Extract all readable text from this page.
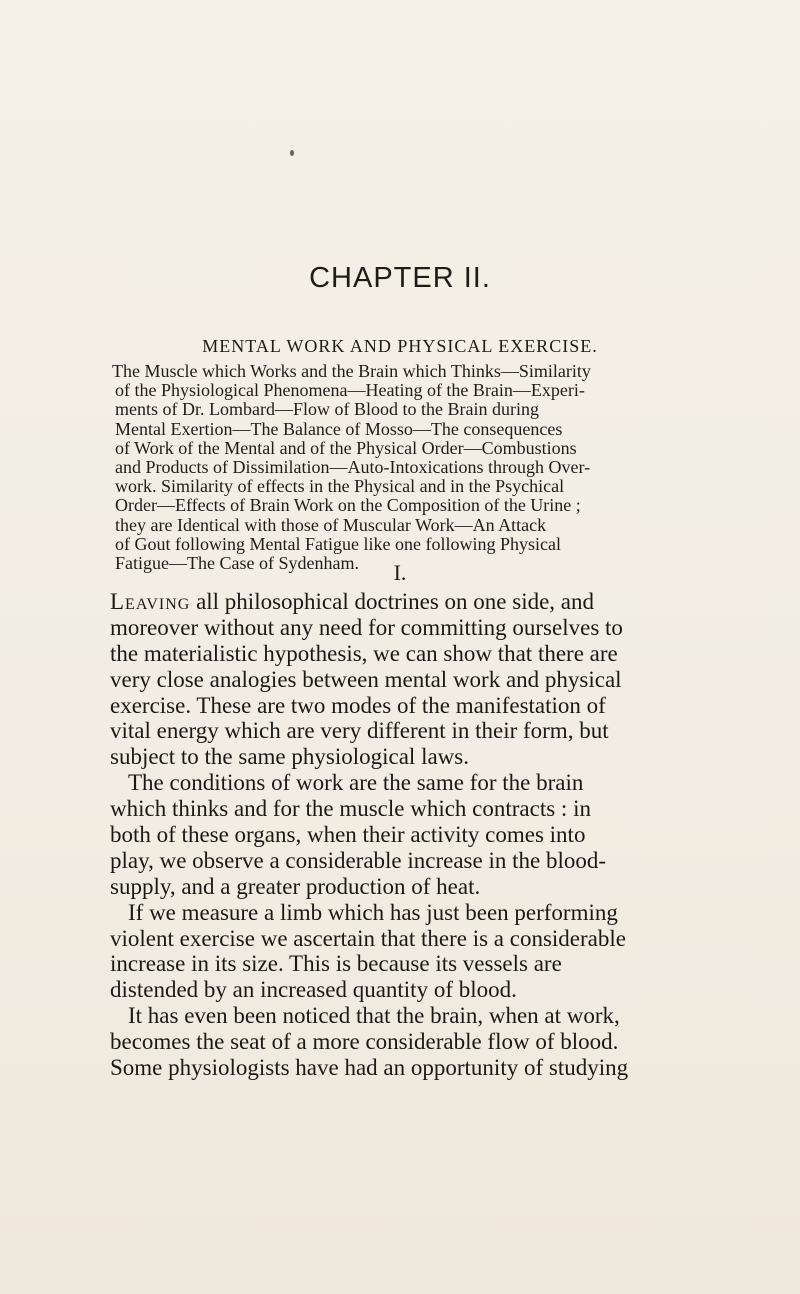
CHAPTER II.
MENTAL WORK AND PHYSICAL EXERCISE.
The Muscle which Works and the Brain which Thinks—Similarity
of the Physiological Phenomena—Heating of the Brain—Experi-
ments of Dr. Lombard—Flow of Blood to the Brain during
Mental Exertion—The Balance of Mosso—The consequences
of Work of the Mental and of the Physical Order—Combustions
and Products of Dissimilation—Auto-Intoxications through Over-
work. Similarity of effects in the Physical and in the Psychical
Order—Effects of Brain Work on the Composition of the Urine ;
they are Identical with those of Muscular Work—An Attack
of Gout following Mental Fatigue like one following Physical
Fatigue—The Case of Sydenham.	I.
Leaving all philosophical doctrines on one side, and
moreover without any need for committing ourselves to
the materialistic hypothesis, we can show that there are
very close analogies between mental work and physical
exercise. These are two modes of the manifestation of
vital energy which are very different in their form, but
subject to the same physiological laws.
The conditions of work are the same for the brain
which thinks and for the muscle which contracts : in
both of these organs, when their activity comes into
play, we observe a considerable increase in the blood-
supply, and a greater production of heat.
If we measure a limb which has just been performing
violent exercise we ascertain that there is a considerable
increase in its size. This is because its vessels are
distended by an increased quantity of blood.
It has even been noticed that the brain, when at work,
becomes the seat of a more considerable flow of blood.
Some physiologists have had an opportunity of studying
